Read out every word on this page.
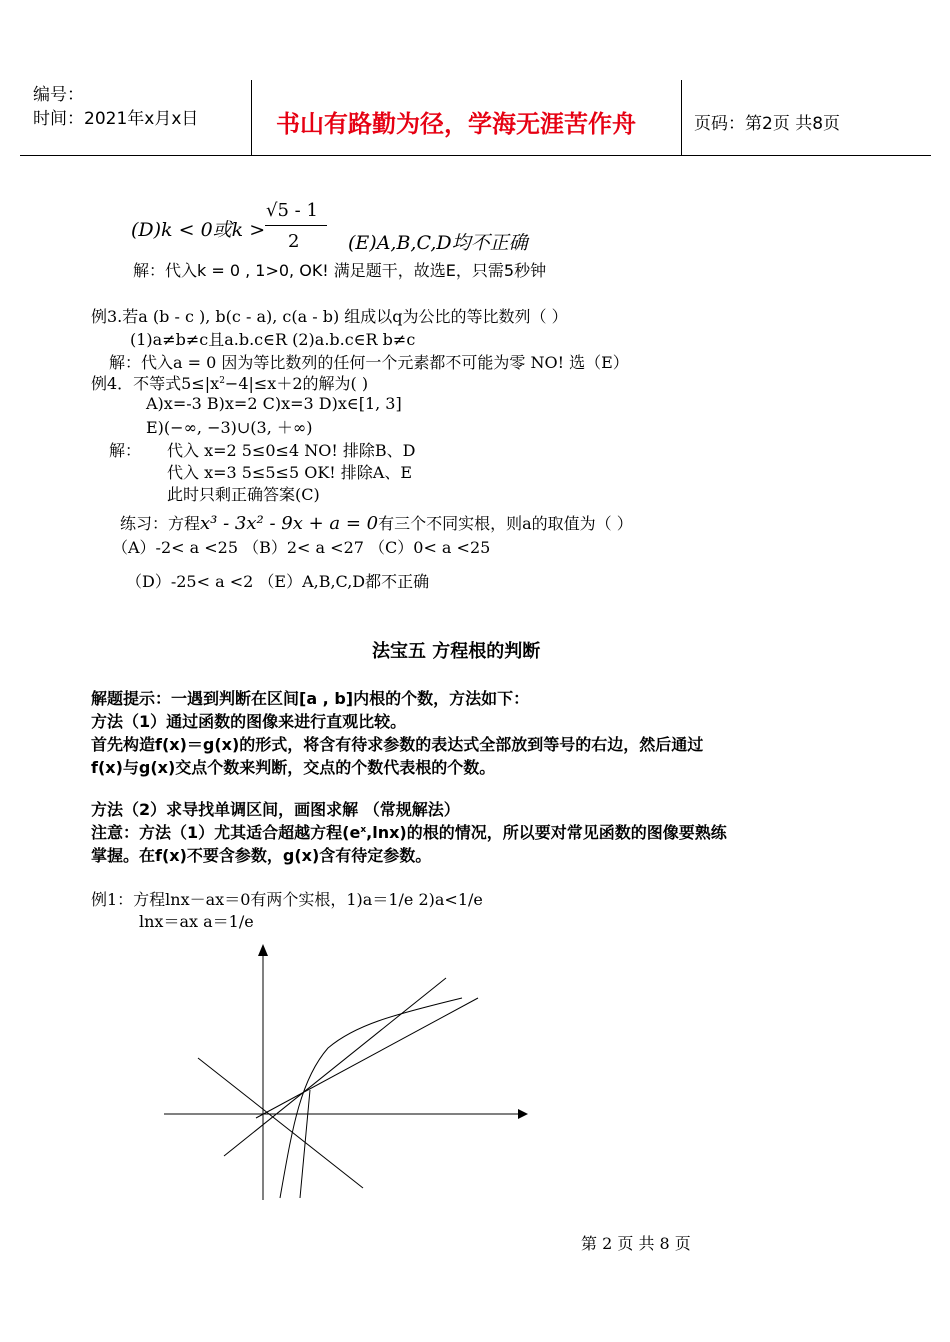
编号：
时间：2021年x月x日	书山有路勤为径，学海无涯苦作舟	页码：第2页 共8页
(D)k < 0或k >
√5 - 1
2	(E)A,B,C,D均不正确
解：代入k = 0 , 1>0, OK! 满足题干，故选E，只需5秒钟
例3.若a (b - c ), b(c - a), c(a - b) 组成以q为公比的等比数列（ ）
(1)a≠b≠c且a.b.c∈R (2)a.b.c∈R b≠c
解：代入a = 0 因为等比数列的任何一个元素都不可能为零 NO! 选（E）
例4．不等式$5\le|x^2-4|\le x+2$的解为( )
A)x=-3 B)x=2 C)x=3 D)x∈[1, 3]
E)(−∞, −3)∪(3, ＋∞)
解： 代入 x=2 5≤0≤4 NO! 排除B、D
代入 x=3 5≤5≤5 OK! 排除A、E
此时只剩正确答案(C)
练习：方程x³ - 3x² - 9x + a = 0有三个不同实根，则a的取值为（ ）
（A）-2< a <25 （B）2< a <27 （C）0< a <25
（D）-25< a <2 （E）A,B,C,D都不正确
法宝五 方程根的判断
解题提示：一遇到判断在区间[a , b]内根的个数，方法如下：
方法（1）通过函数的图像来进行直观比较。
首先构造f(x)＝g(x)的形式，将含有待求参数的表达式全部放到等号的右边，然后通过
f(x)与g(x)交点个数来判断，交点的个数代表根的个数。
方法（2）求导找单调区间，画图求解 （常规解法）
注意：方法（1）尤其适合超越方程$(e^x,\ln x)$的根的情况，所以要对常见函数的图像要熟练
掌握。在f(x)不要含参数，g(x)含有待定参数。
例1：方程lnx－ax＝0有两个实根，1)a＝1/e 2)a<1/e
lnx＝ax a＝1/e
第 2 页 共 8 页
